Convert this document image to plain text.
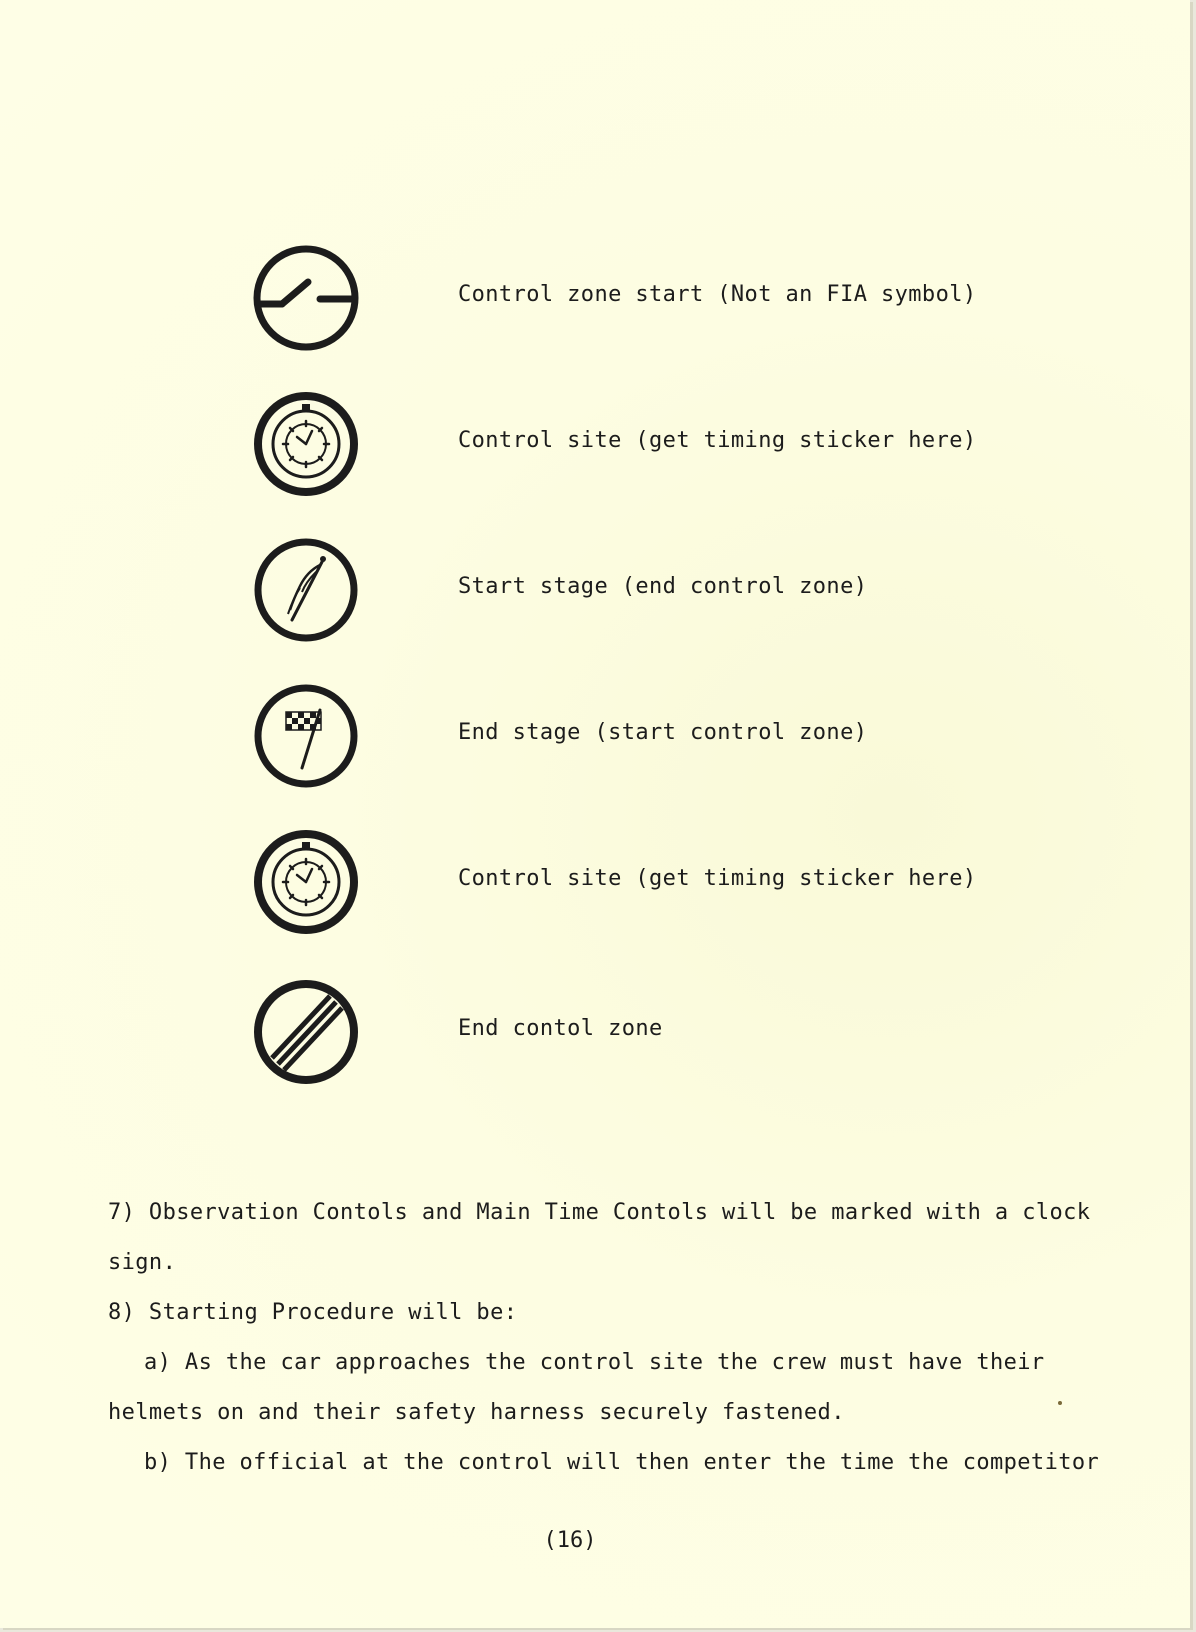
Control zone start (Not an FIA symbol)
Control site (get timing sticker here)
Start stage (end control zone)
End stage (start control zone)
Control site (get timing sticker here)
End contol zone
7) Observation Contols and Main Time Contols will be marked with a clock
sign.
8) Starting Procedure will be:
a) As the car approaches the control site the crew must have their
helmets on and their safety harness securely fastened.
b) The official at the control will then enter the time the competitor
(16)
